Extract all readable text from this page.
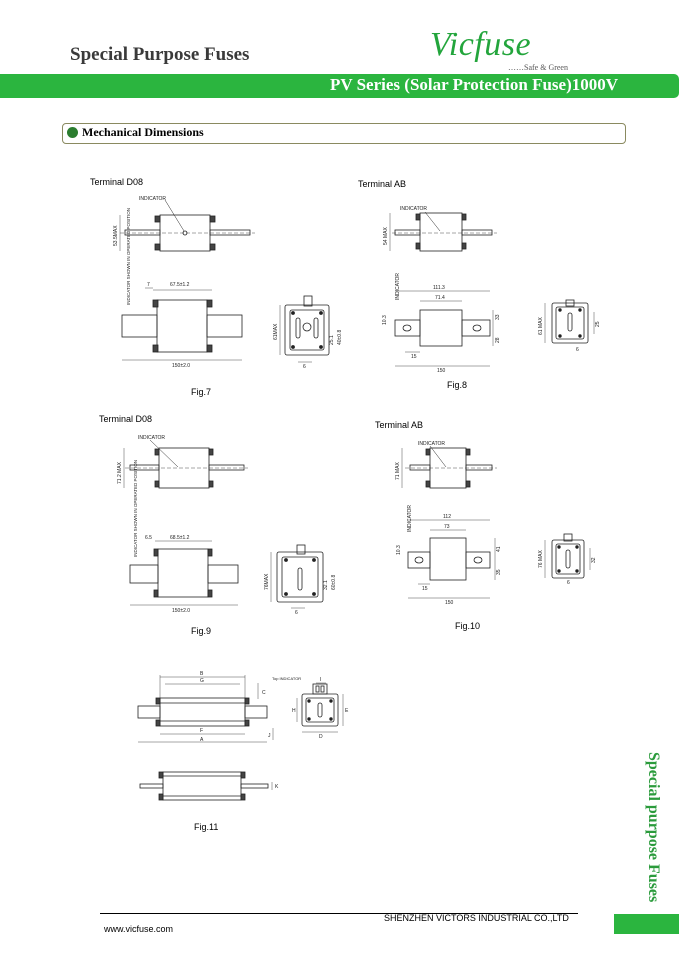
Special Purpose Fuses	Vicfuse
……Safe & Green
PV Series (Solar Protection Fuse)1000V
Mechanical Dimensions
Terminal D08	Terminal AB
Fig.7
Fig.8
Terminal D08
Terminal AB
Fig.9	Fig.10
Fig.11
INDICATOR
53.5MAX INDICATOR SHOWN IN OPERATED POSITION	7	67.5±1.2
150±2.0
61MAX
25.1 40±0.8
6
INDICATOR
54 MAX
INDICATOR	111.3
71.4
10.3
15
150
33
28
61 MAX	25
6
INDICATOR
71.2 MAX INDICATOR SHOWN IN OPERATED POSITION 6.5	68.5±1.2
150±2.0
76MAX	32.1 60±0.8
6
INDICATOR
71 MAX
INDICATOR	112
73
10.3
15
150
41
35
76 MAX	32
6
B
G
F
A
C
J
Top INDICATOR	I
D
E
H
K	Special purpose Fuses
SHENZHEN VICTORS INDUSTRIAL CO.,LTD
www.vicfuse.com
